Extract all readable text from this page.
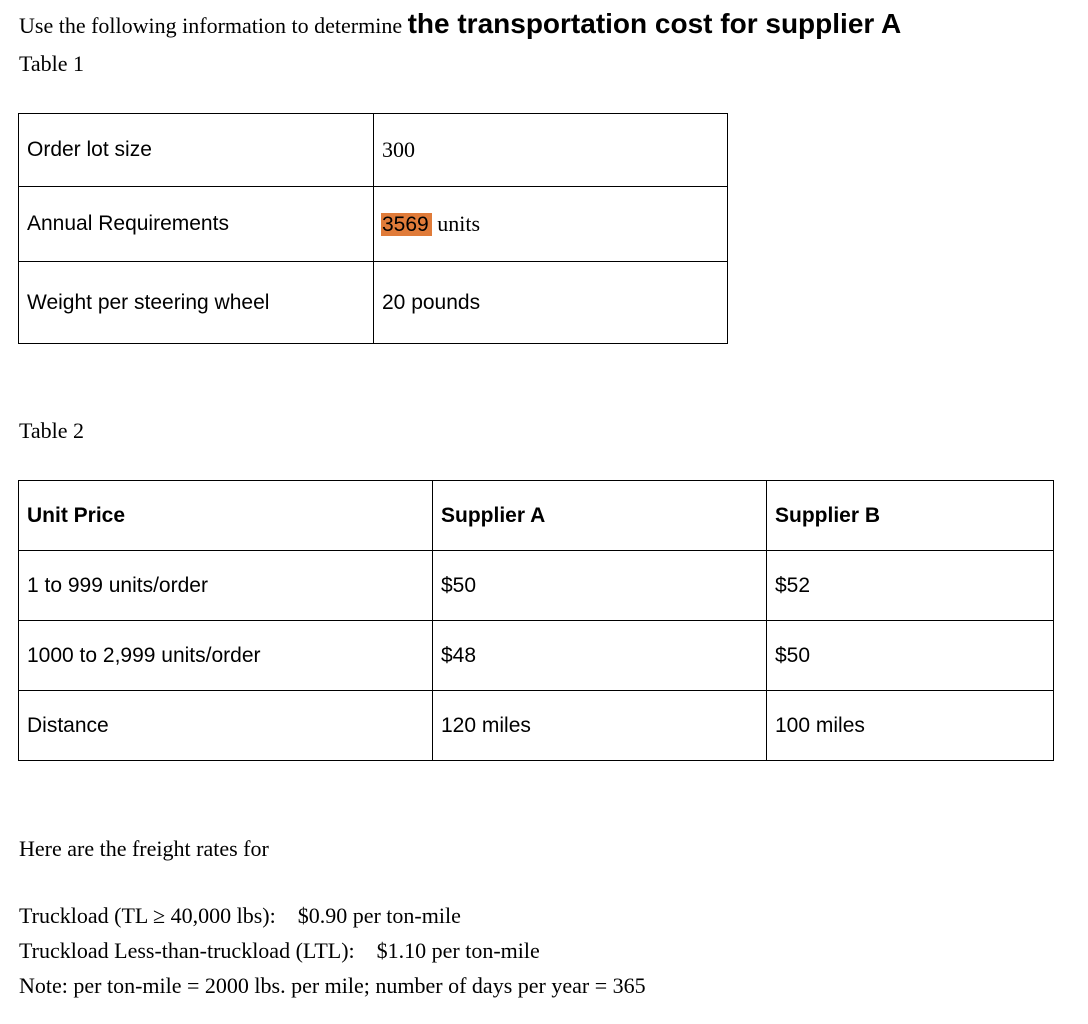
Use the following information to determine the transportation cost for supplier A
Table 1
Order lot size	300
Annual Requirements	3569 units
Weight per steering wheel	20 pounds
Table 2
Unit Price	Supplier A	Supplier B
1 to 999 units/order	$50	$52
1000 to 2,999 units/order	$48	$50
Distance	120 miles	100 miles
Here are the freight rates for
Truckload (TL ≥ 40,000 lbs):    $0.90 per ton-mile
Truckload Less-than-truckload (LTL):    $1.10 per ton-mile
Note: per ton-mile = 2000 lbs. per mile; number of days per year = 365
